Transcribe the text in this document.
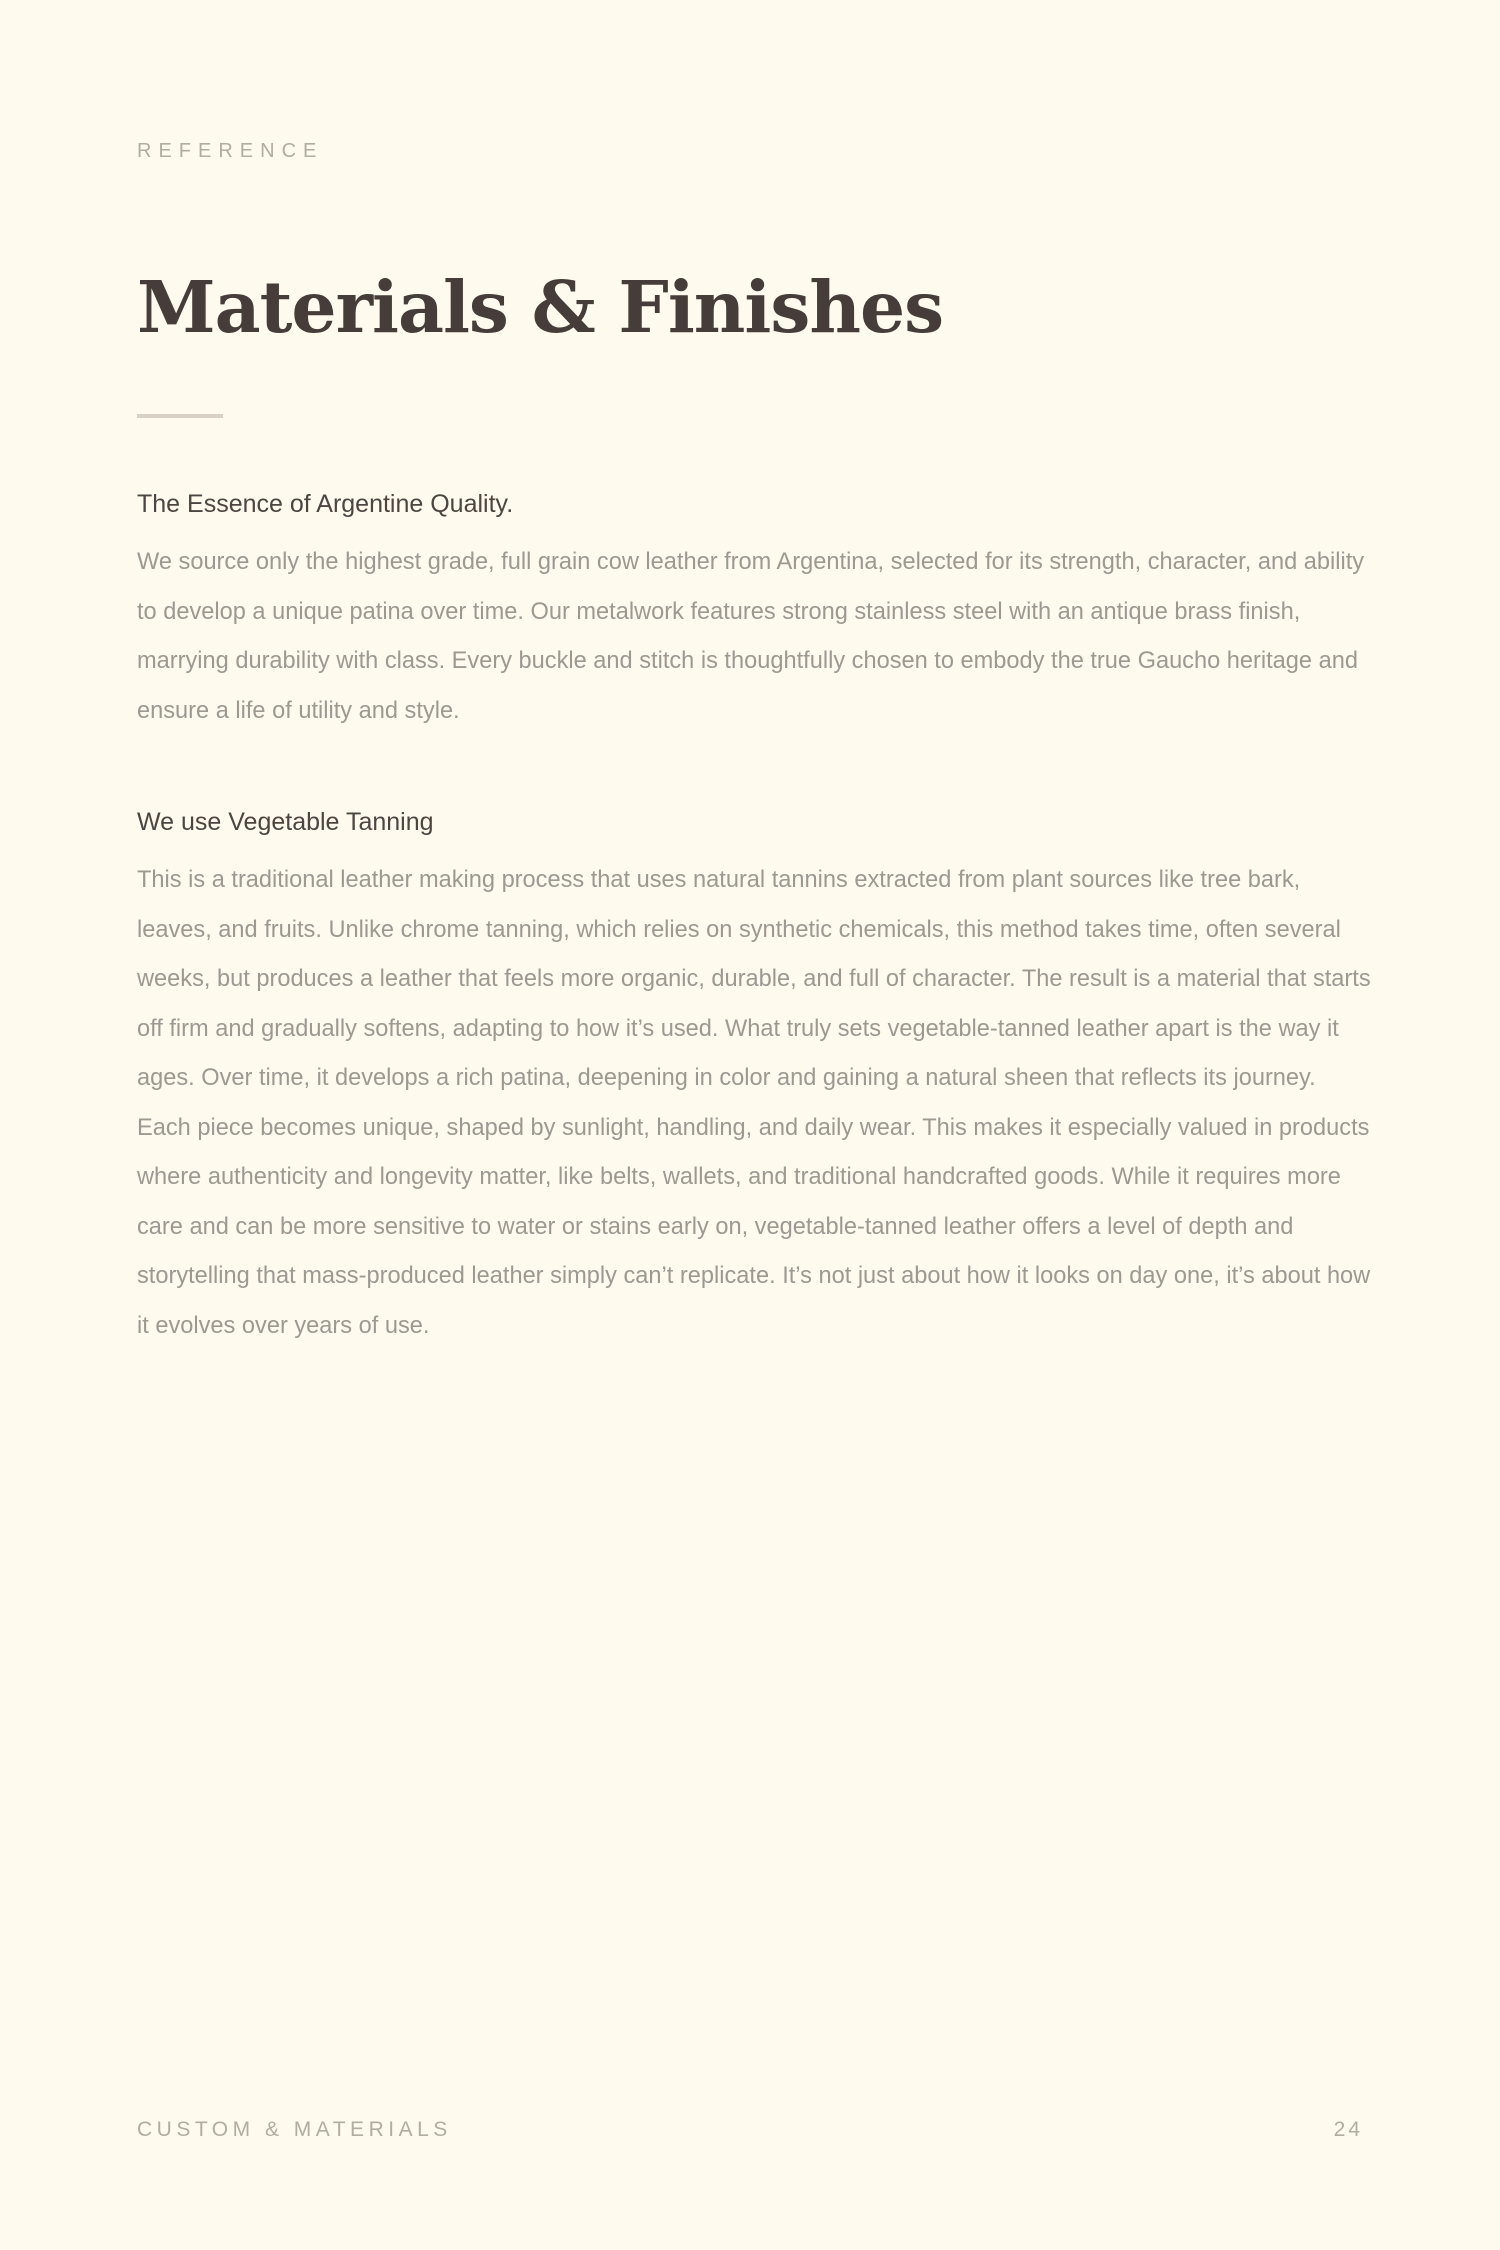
REFERENCE
Materials & Finishes
The Essence of Argentine Quality.

We source only the highest grade, full grain cow leather from Argentina, selected for its strength, character, and ability to develop a unique patina over time. Our metalwork features strong stainless steel with an antique brass finish, marrying durability with class. Every buckle and stitch is thoughtfully chosen to embody the true Gaucho heritage and ensure a life of utility and style.

We use Vegetable Tanning

This is a traditional leather making process that uses natural tannins extracted from plant sources like tree bark, leaves, and fruits. Unlike chrome tanning, which relies on synthetic chemicals, this method takes time, often several weeks, but produces a leather that feels more organic, durable, and full of character. The result is a material that starts off firm and gradually softens, adapting to how it’s used. What truly sets vegetable-tanned leather apart is the way it ages. Over time, it develops a rich patina, deepening in color and gaining a natural sheen that reflects its journey. Each piece becomes unique, shaped by sunlight, handling, and daily wear. This makes it especially valued in products where authenticity and longevity matter, like belts, wallets, and traditional handcrafted goods. While it requires more care and can be more sensitive to water or stains early on, vegetable-tanned leather offers a level of depth and storytelling that mass-produced leather simply can’t replicate. It’s not just about how it looks on day one, it’s about how it evolves over years of use.

CUSTOM & MATERIALS	24
